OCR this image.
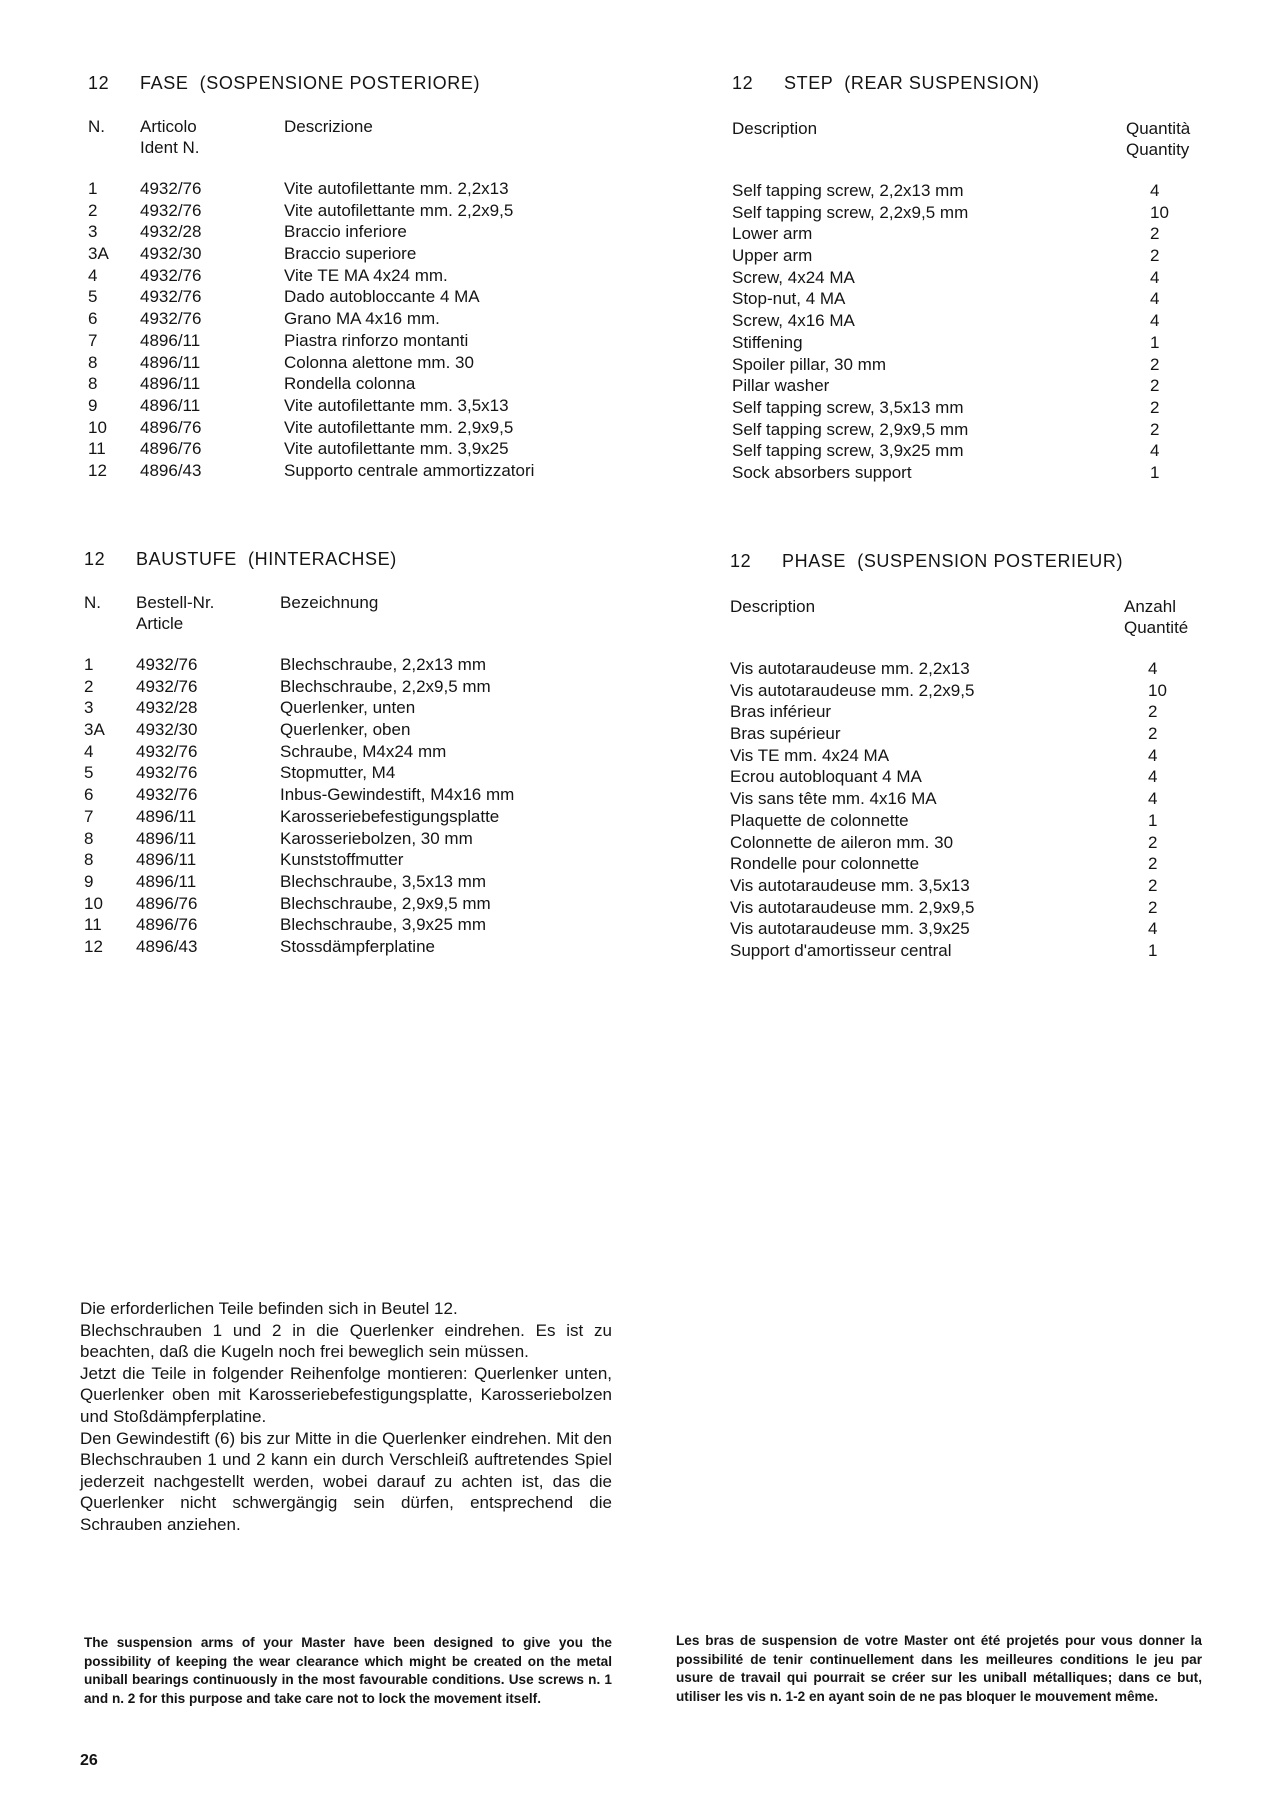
12 FASE  (SOSPENSIONE POSTERIORE)
N. Articolo
Ident N.
Descrizione
1	4932/76	Vite autofilettante mm. 2,2x13
2	4932/76	Vite autofilettante mm. 2,2x9,5
3	4932/28	Braccio inferiore
3A 4932/30	Braccio superiore
4	4932/76	Vite TE MA 4x24 mm.
5	4932/76	Dado autobloccante 4 MA
6	4932/76	Grano MA 4x16 mm.
7	4896/11	Piastra rinforzo montanti
8	4896/11	Colonna alettone mm. 30
8	4896/11	Rondella colonna
9	4896/11	Vite autofilettante mm. 3,5x13
10 4896/76	Vite autofilettante mm. 2,9x9,5
11 4896/76	Vite autofilettante mm. 3,9x25
12 4896/43	Supporto centrale ammortizzatori
12 STEP  (REAR SUSPENSION)
Description	Quantità
Quantity
Self tapping screw, 2,2x13 mm	4
Self tapping screw, 2,2x9,5 mm	10
Lower arm	2
Upper arm	2
Screw, 4x24 MA	4
Stop-nut, 4 MA	4
Screw, 4x16 MA	4
Stiffening	1
Spoiler pillar, 30 mm	2
Pillar washer	2
Self tapping screw, 3,5x13 mm	2
Self tapping screw, 2,9x9,5 mm	2
Self tapping screw, 3,9x25 mm	4
Sock absorbers support	1
12 BAUSTUFE  (HINTERACHSE)
N. Bestell-Nr.
Article
Bezeichnung
1	4932/76	Blechschraube, 2,2x13 mm
2	4932/76	Blechschraube, 2,2x9,5 mm
3	4932/28	Querlenker, unten
3A 4932/30	Querlenker, oben
4	4932/76	Schraube, M4x24 mm
5	4932/76	Stopmutter, M4
6	4932/76	Inbus-Gewindestift, M4x16 mm
7	4896/11	Karosseriebefestigungsplatte
8	4896/11	Karosseriebolzen, 30 mm
8	4896/11	Kunststoffmutter
9	4896/11	Blechschraube, 3,5x13 mm
10 4896/76	Blechschraube, 2,9x9,5 mm
11 4896/76	Blechschraube, 3,9x25 mm
12 4896/43	Stossdämpferplatine
12 PHASE  (SUSPENSION POSTERIEUR)
Description	Anzahl
Quantité
Vis autotaraudeuse mm. 2,2x13	4
Vis autotaraudeuse mm. 2,2x9,5	10
Bras inférieur	2
Bras supérieur	2
Vis TE mm. 4x24 MA	4
Ecrou autobloquant 4 MA	4
Vis sans tête mm. 4x16 MA	4
Plaquette de colonnette	1
Colonnette de aileron mm. 30	2
Rondelle pour colonnette	2
Vis autotaraudeuse mm. 3,5x13	2
Vis autotaraudeuse mm. 2,9x9,5	2
Vis autotaraudeuse mm. 3,9x25	4
Support d'amortisseur central	1

Die erforderlichen Teile befinden sich in Beutel 12.

Blechschrauben 1 und 2 in die Querlenker eindrehen. Es ist zu beachten, daß die Kugeln noch frei beweglich sein müssen.

Jetzt die Teile in folgender Reihenfolge montieren: Querlenker unten, Querlenker oben mit Karosseriebefestigungsplatte, Karosseriebolzen und Stoßdämpferplatine.

Den Gewindestift (6) bis zur Mitte in die Querlenker eindrehen. Mit den Blechschrauben 1 und 2 kann ein durch Verschleiß auftretendes Spiel jederzeit nachgestellt werden, wobei darauf zu achten ist, das die Querlenker nicht schwergängig sein dürfen, entsprechend die Schrauben anziehen.

The suspension arms of your Master have been designed to give you the possibility of keeping the wear clearance which might be created on the metal uniball bearings continuously in the most favourable conditions. Use screws n. 1 and n. 2 for this purpose and take care not to lock the movement itself.

Les bras de suspension de votre Master ont été projetés pour vous donner la possibilité de tenir continuellement dans les meilleures conditions le jeu par usure de travail qui pourrait se créer sur les uniball métalliques; dans ce but, utiliser les vis n. 1-2 en ayant soin de ne pas bloquer le mouvement même.

26
